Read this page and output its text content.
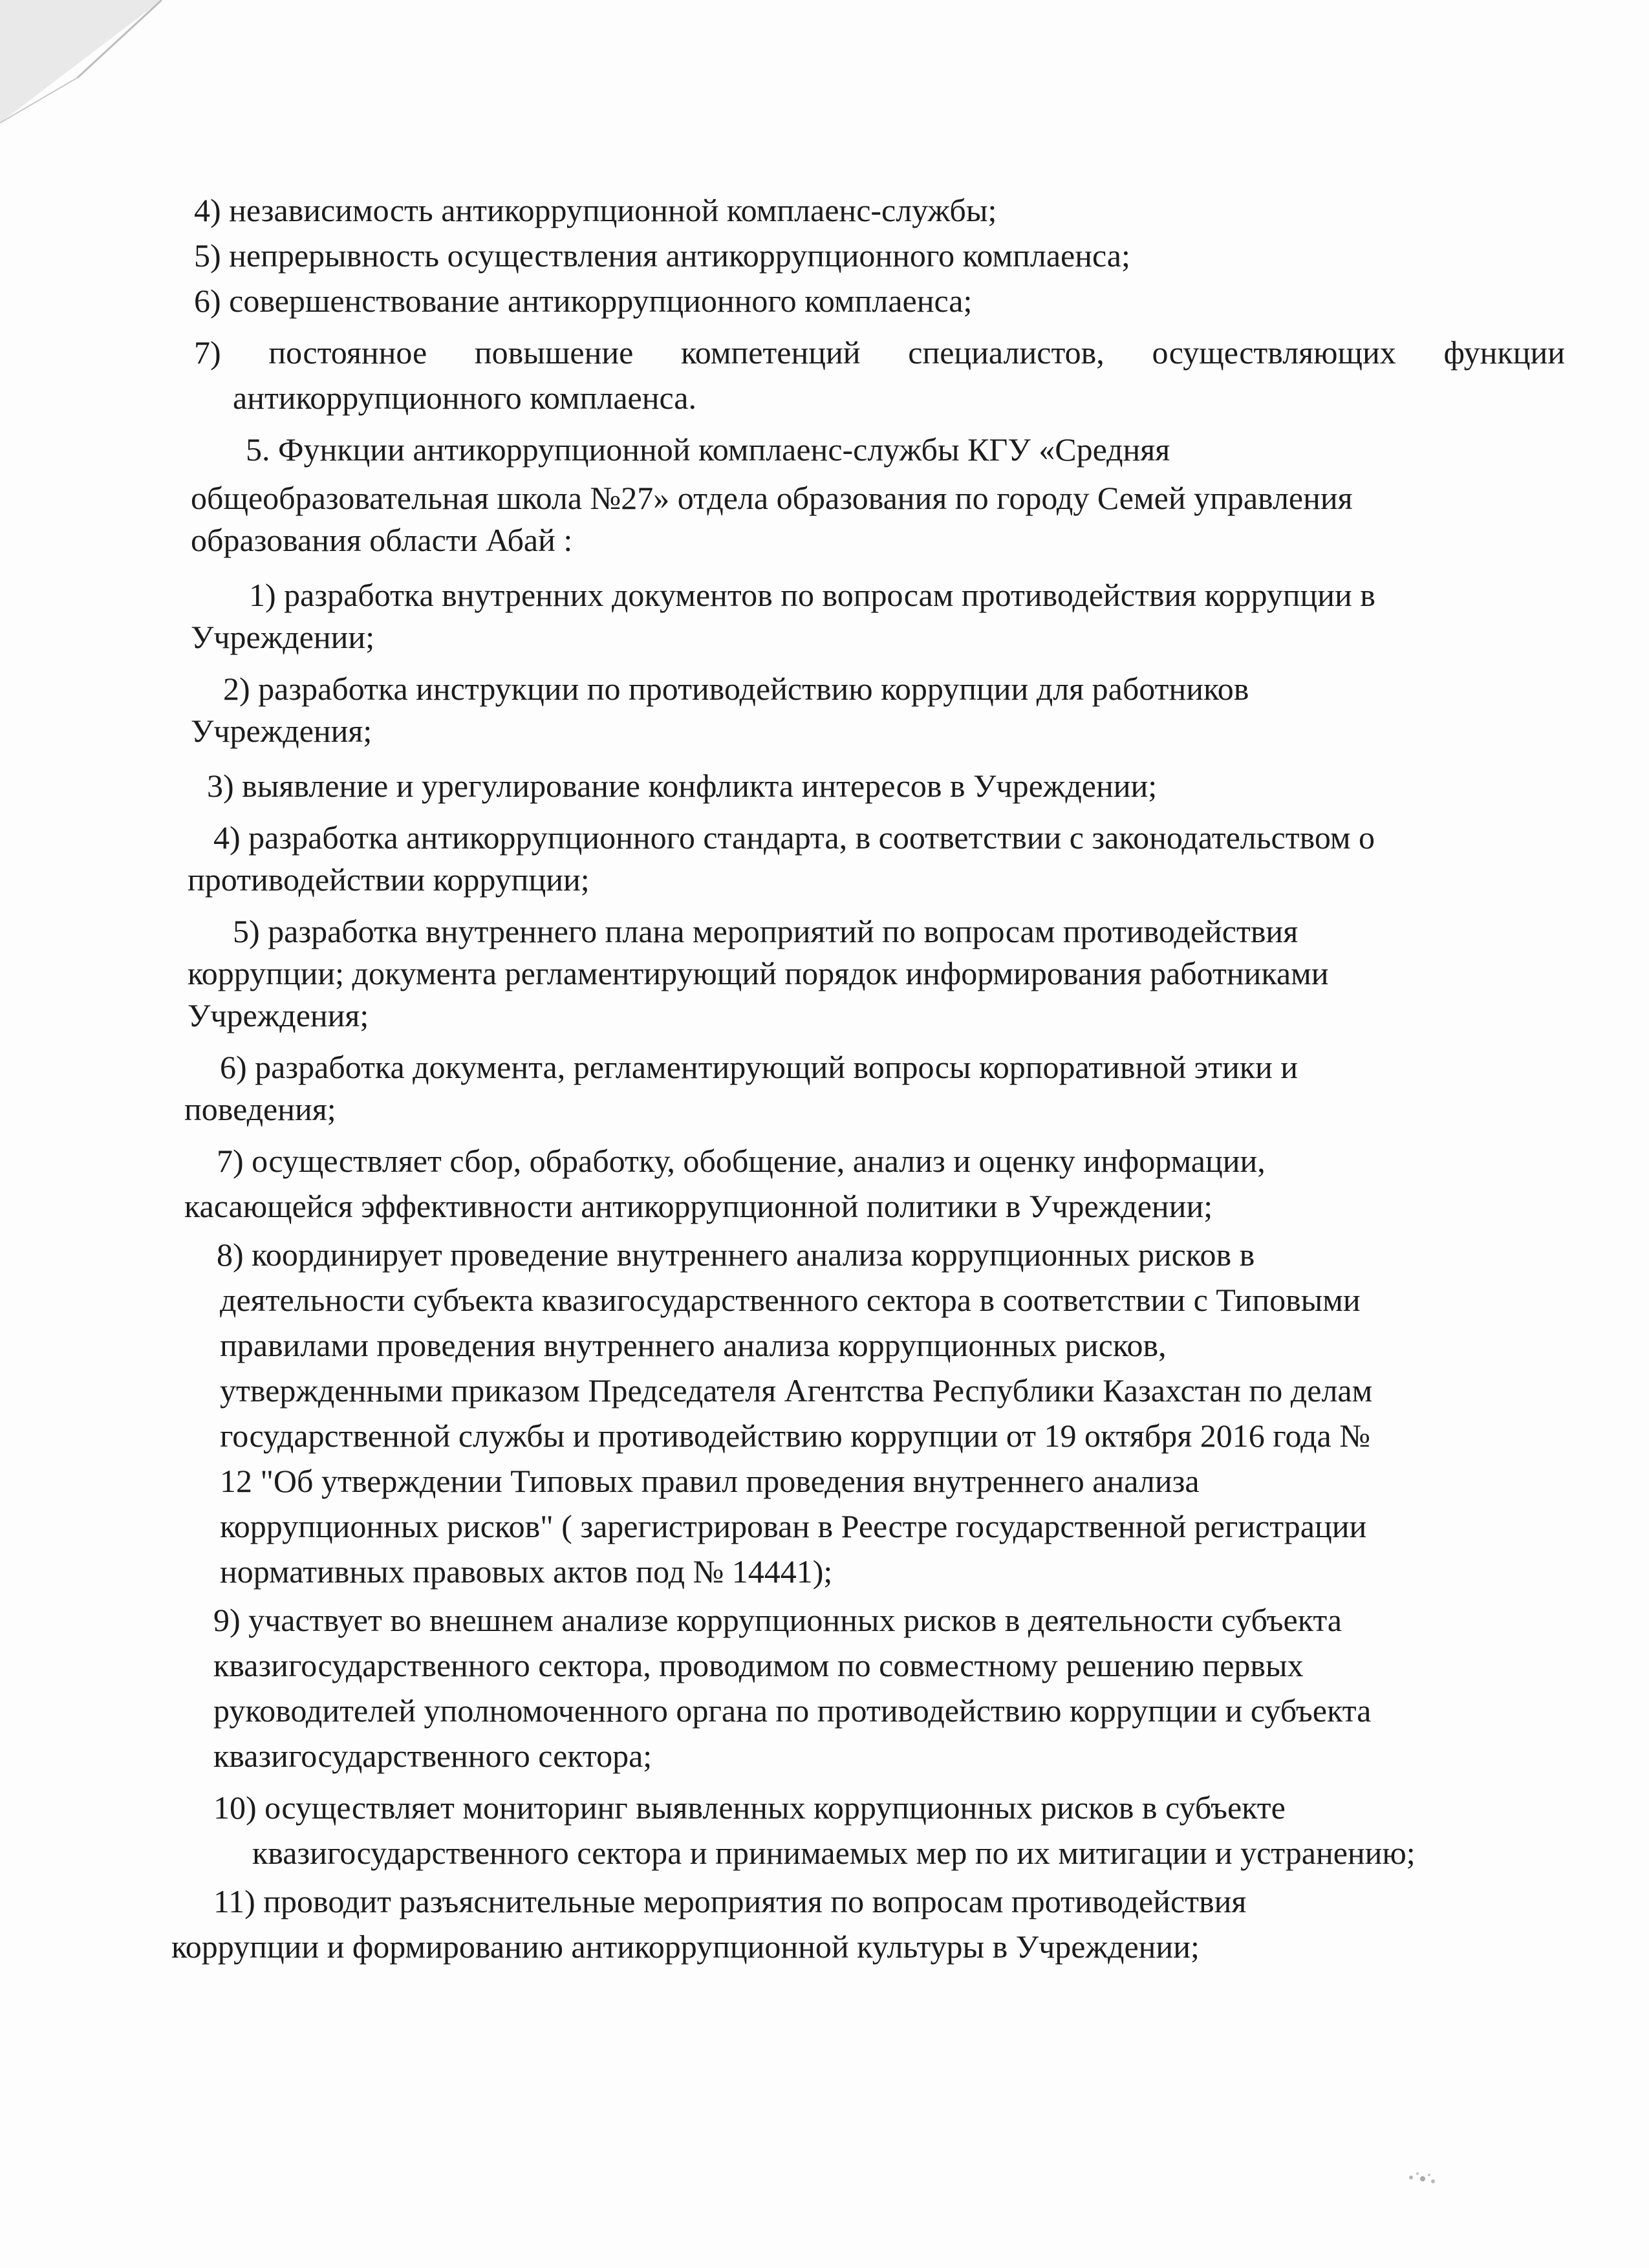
4) независимость антикоррупционной комплаенс-службы;
5) непрерывность осуществления антикоррупционного комплаенса;
6) совершенствование антикоррупционного комплаенса;
7) постоянное повышение компетенций специалистов, осуществляющих функции
антикоррупционного комплаенса.
5. Функции антикоррупционной комплаенс-службы КГУ «Средняя
общеобразовательная школа №27» отдела образования по городу Семей управления
образования области Абай :
1) разработка внутренних документов по вопросам противодействия коррупции в
Учреждении;
2) разработка инструкции по противодействию коррупции для работников
Учреждения;
3) выявление и урегулирование конфликта интересов в Учреждении;
4) разработка антикоррупционного стандарта, в соответствии с законодательством о
противодействии коррупции;
5) разработка внутреннего плана мероприятий по вопросам противодействия
коррупции; документа регламентирующий порядок информирования работниками
Учреждения;
6) разработка документа, регламентирующий вопросы корпоративной этики и
поведения;
7) осуществляет сбор, обработку, обобщение, анализ и оценку информации,
касающейся эффективности антикоррупционной политики в Учреждении;
8) координирует проведение внутреннего анализа коррупционных рисков в
деятельности субъекта квазигосударственного сектора в соответствии с Типовыми
правилами проведения внутреннего анализа коррупционных рисков,
утвержденными приказом Председателя Агентства Республики Казахстан по делам
государственной службы и противодействию коррупции от 19 октября 2016 года №
12 "Об утверждении Типовых правил проведения внутреннего анализа
коррупционных рисков" ( зарегистрирован в Реестре государственной регистрации
нормативных правовых актов под № 14441);
9) участвует во внешнем анализе коррупционных рисков в деятельности субъекта
квазигосударственного сектора, проводимом по совместному решению первых
руководителей уполномоченного органа по противодействию коррупции и субъекта
квазигосударственного сектора;
10) осуществляет мониторинг выявленных коррупционных рисков в субъекте
квазигосударственного сектора и принимаемых мер по их митигации и устранению;
11) проводит разъяснительные мероприятия по вопросам противодействия
коррупции и формированию антикоррупционной культуры в Учреждении;
